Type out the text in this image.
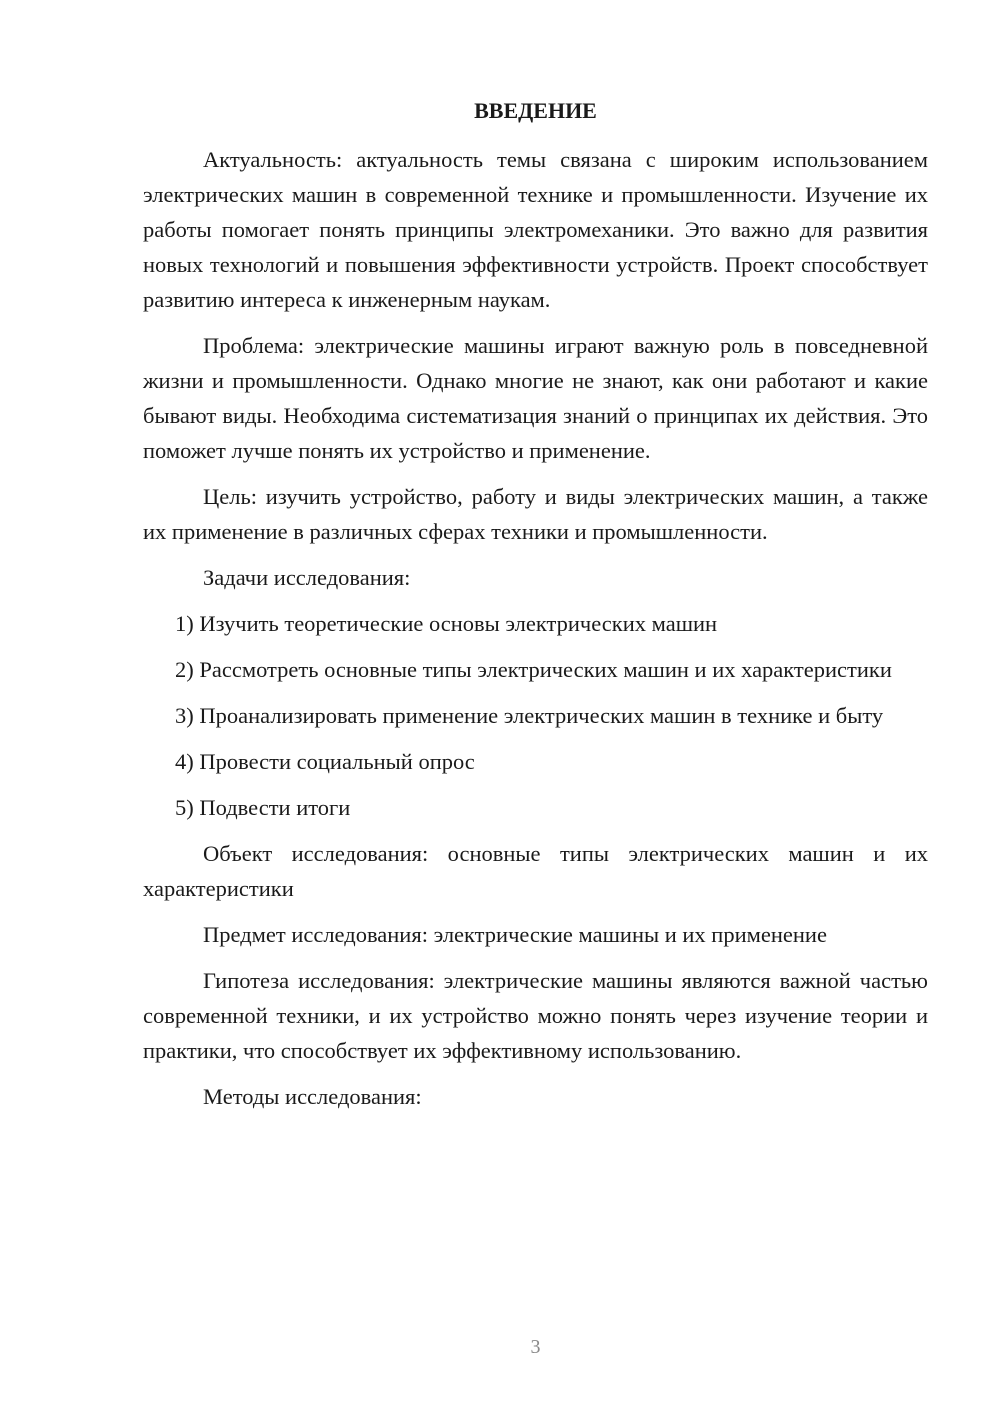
ВВЕДЕНИЕ

Актуальность: актуальность темы связана с широким использованием электрических машин в современной технике и промышленности. Изучение их работы помогает понять принципы электромеханики. Это важно для развития новых технологий и повышения эффективности устройств. Проект способствует развитию интереса к инженерным наукам.

Проблема: электрические машины играют важную роль в повседневной жизни и промышленности. Однако многие не знают, как они работают и какие бывают виды. Необходима систематизация знаний о принципах их действия. Это поможет лучше понять их устройство и применение.

Цель: изучить устройство, работу и виды электрических машин, а также их применение в различных сферах техники и промышленности.

Задачи исследования:

1) Изучить теоретические основы электрических машин

2) Рассмотреть основные типы электрических машин и их характеристики

3) Проанализировать применение электрических машин в технике и быту

4) Провести социальный опрос

5) Подвести итоги

Объект исследования: основные типы электрических машин и их характеристики

Предмет исследования: электрические машины и их применение

Гипотеза исследования: электрические машины являются важной частью современной техники, и их устройство можно понять через изучение теории и практики, что способствует их эффективному использованию.

Методы исследования:

3
